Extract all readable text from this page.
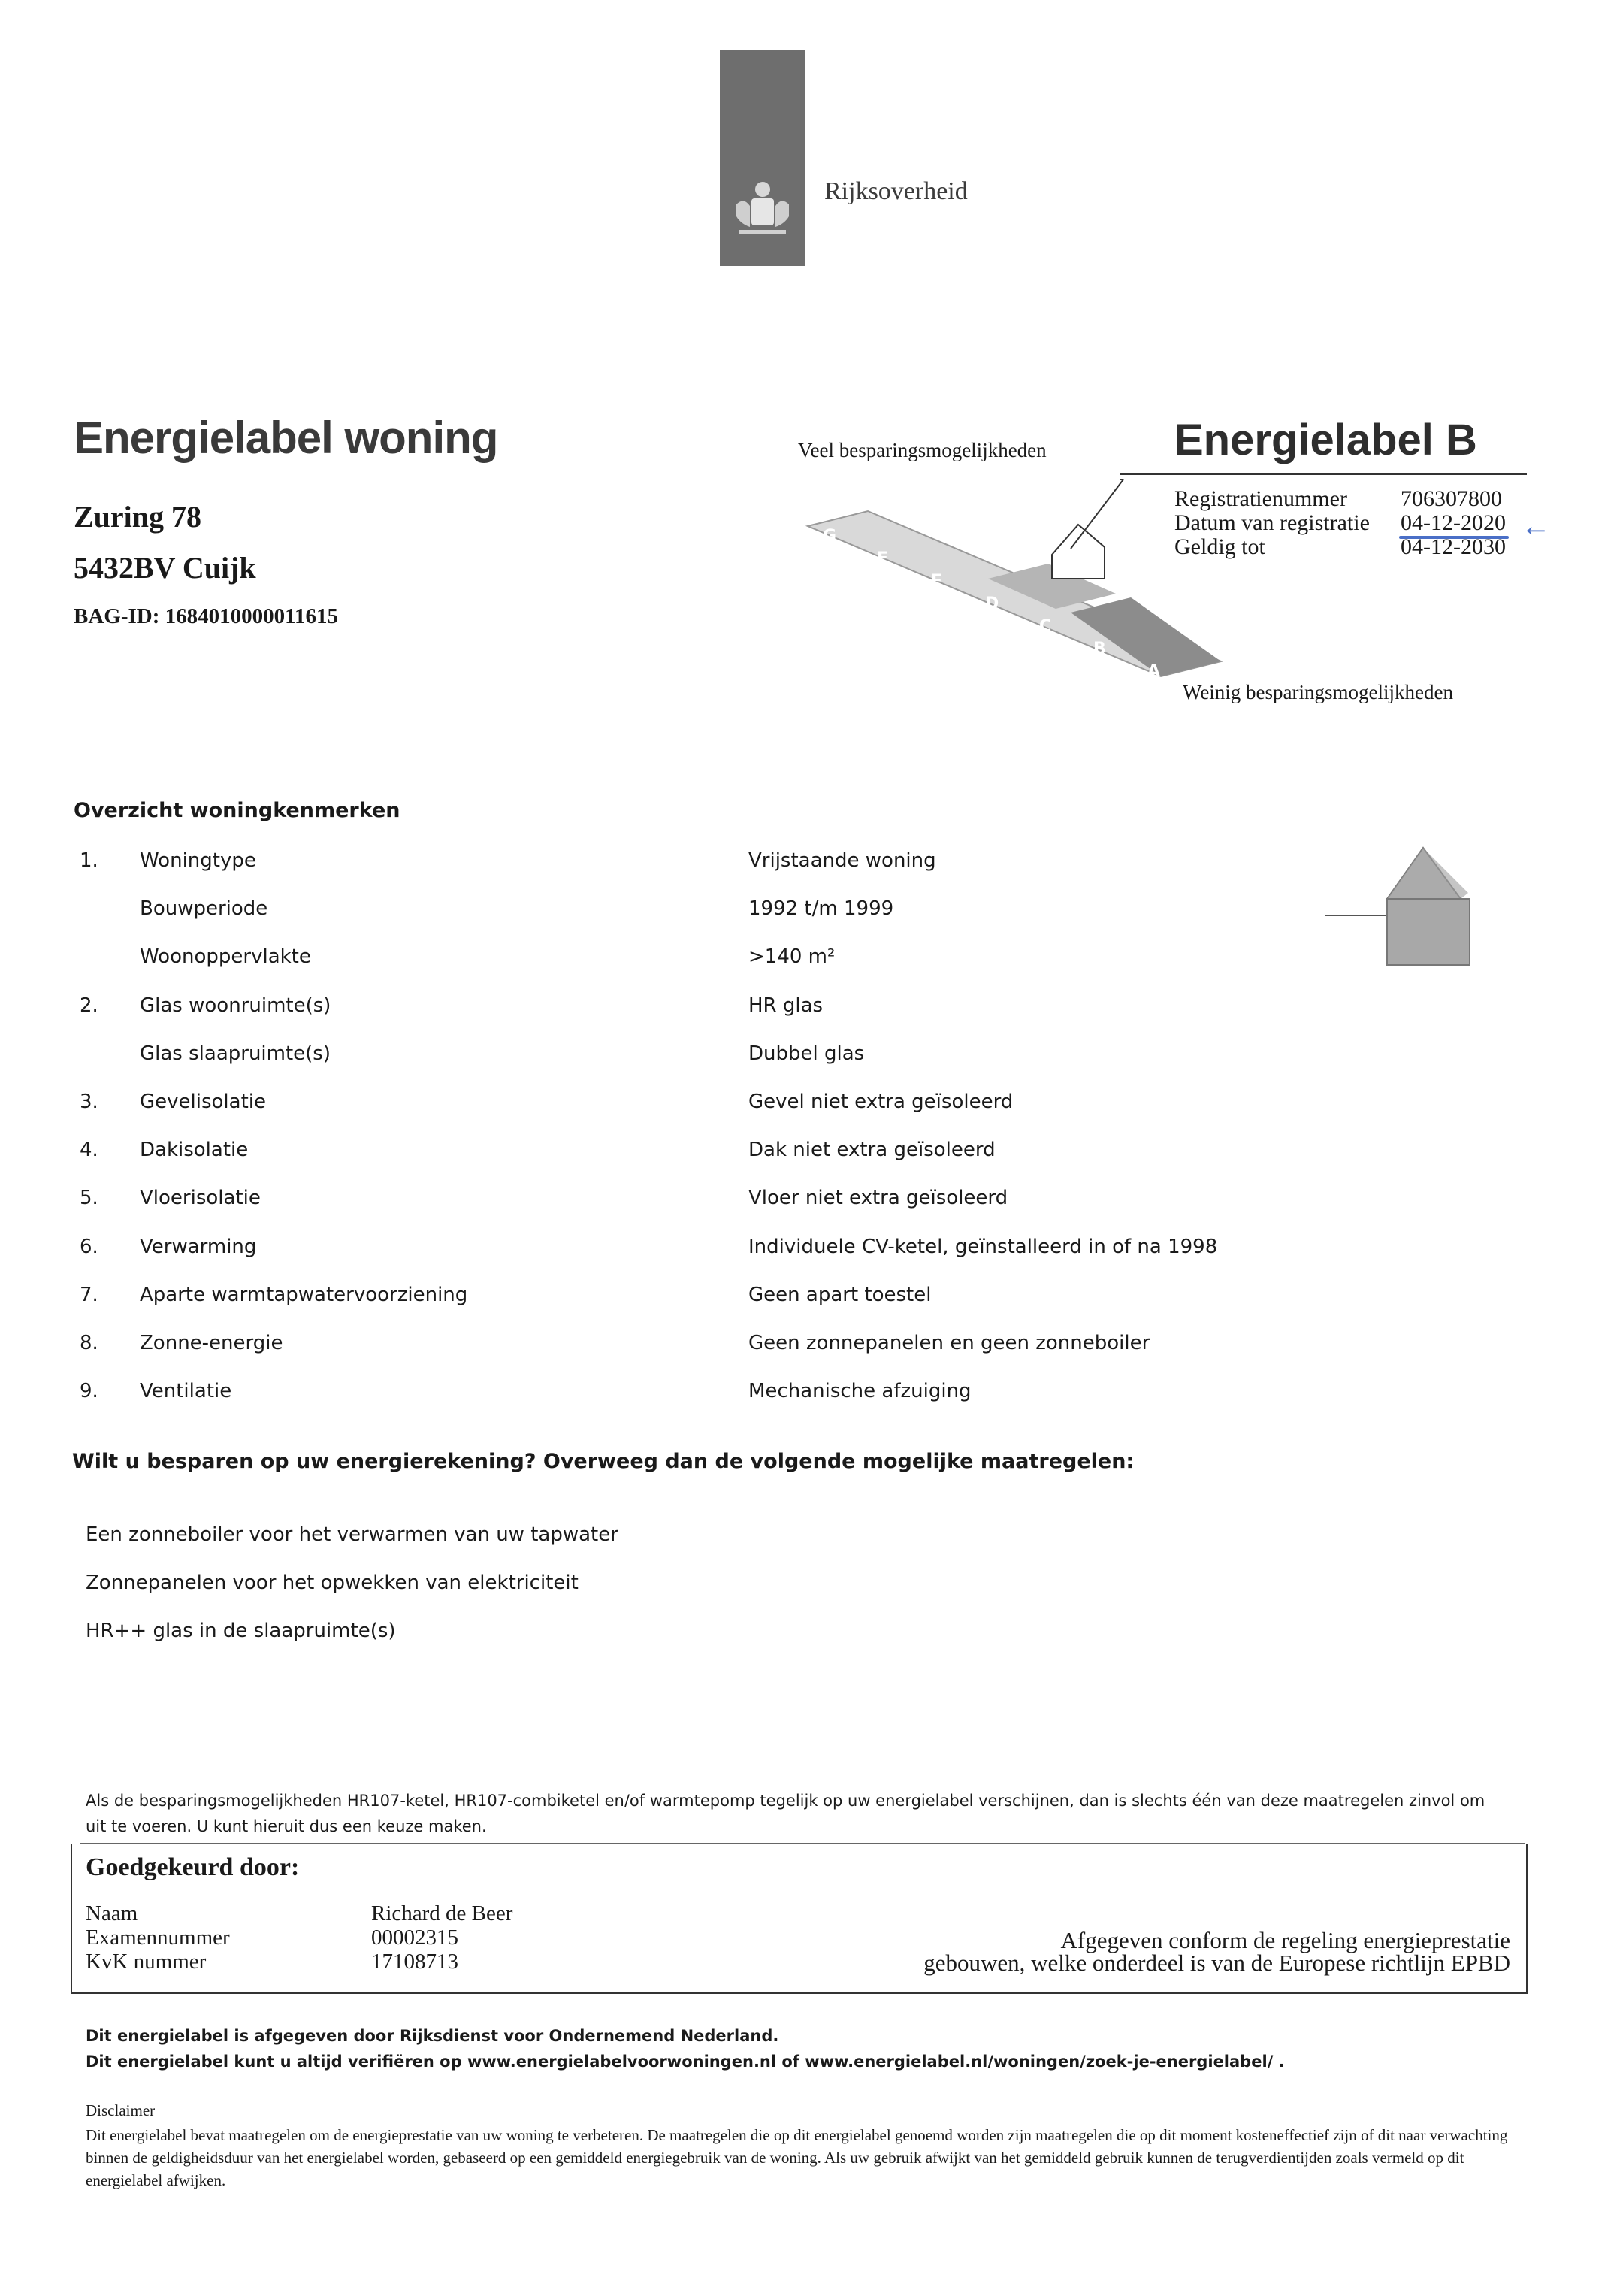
Rijksoverheid
Energielabel woning
Zuring 78
5432BV Cuijk
BAG-ID: 1684010000011615
Veel besparingsmogelijkheden
G
F
E
D
C
B
A
Weinig besparingsmogelijkheden
Energielabel B
Registratienummer 706307800
Datum van registratie 04-12-2020 ←
Geldig tot	04-12-2030
Overzicht woningkenmerken
1. Woningtype	Vrijstaande woning
Bouwperiode	1992 t/m 1999
Woonoppervlakte	>140 m²
2. Glas woonruimte(s)	HR glas
Glas slaapruimte(s)	Dubbel glas
3. Gevelisolatie	Gevel niet extra geïsoleerd
4. Dakisolatie	Dak niet extra geïsoleerd
5. Vloerisolatie	Vloer niet extra geïsoleerd
6. Verwarming	Individuele CV-ketel, geïnstalleerd in of na 1998
7. Aparte warmtapwatervoorziening	Geen apart toestel
8. Zonne-energie	Geen zonnepanelen en geen zonneboiler
9. Ventilatie	Mechanische afzuiging
Wilt u besparen op uw energierekening? Overweeg dan de volgende mogelijke maatregelen:
Een zonneboiler voor het verwarmen van uw tapwater
Zonnepanelen voor het opwekken van elektriciteit
HR++ glas in de slaapruimte(s)
Als de besparingsmogelijkheden HR107-ketel, HR107-combiketel en/of warmtepomp tegelijk op uw energielabel verschijnen, dan is slechts één van deze maatregelen zinvol om uit te voeren. U kunt hieruit dus een keuze maken.
Goedgekeurd door:
Naam	Richard de Beer
Examennummer	00002315
KvK nummer	17108713
Afgegeven conform de regeling energieprestatie
gebouwen, welke onderdeel is van de Europese richtlijn EPBD
Dit energielabel is afgegeven door Rijksdienst voor Ondernemend Nederland.
Dit energielabel kunt u altijd verifiëren op www.energielabelvoorwoningen.nl of www.energielabel.nl/woningen/zoek-je-energielabel/ .
Disclaimer
Dit energielabel bevat maatregelen om de energieprestatie van uw woning te verbeteren. De maatregelen die op dit energielabel genoemd worden zijn maatregelen die op dit moment kosteneffectief zijn of dit naar verwachting binnen de geldigheidsduur van het energielabel worden, gebaseerd op een gemiddeld energiegebruik van de woning. Als uw gebruik afwijkt van het gemiddeld gebruik kunnen de terugverdientijden zoals vermeld op dit energielabel afwijken.
